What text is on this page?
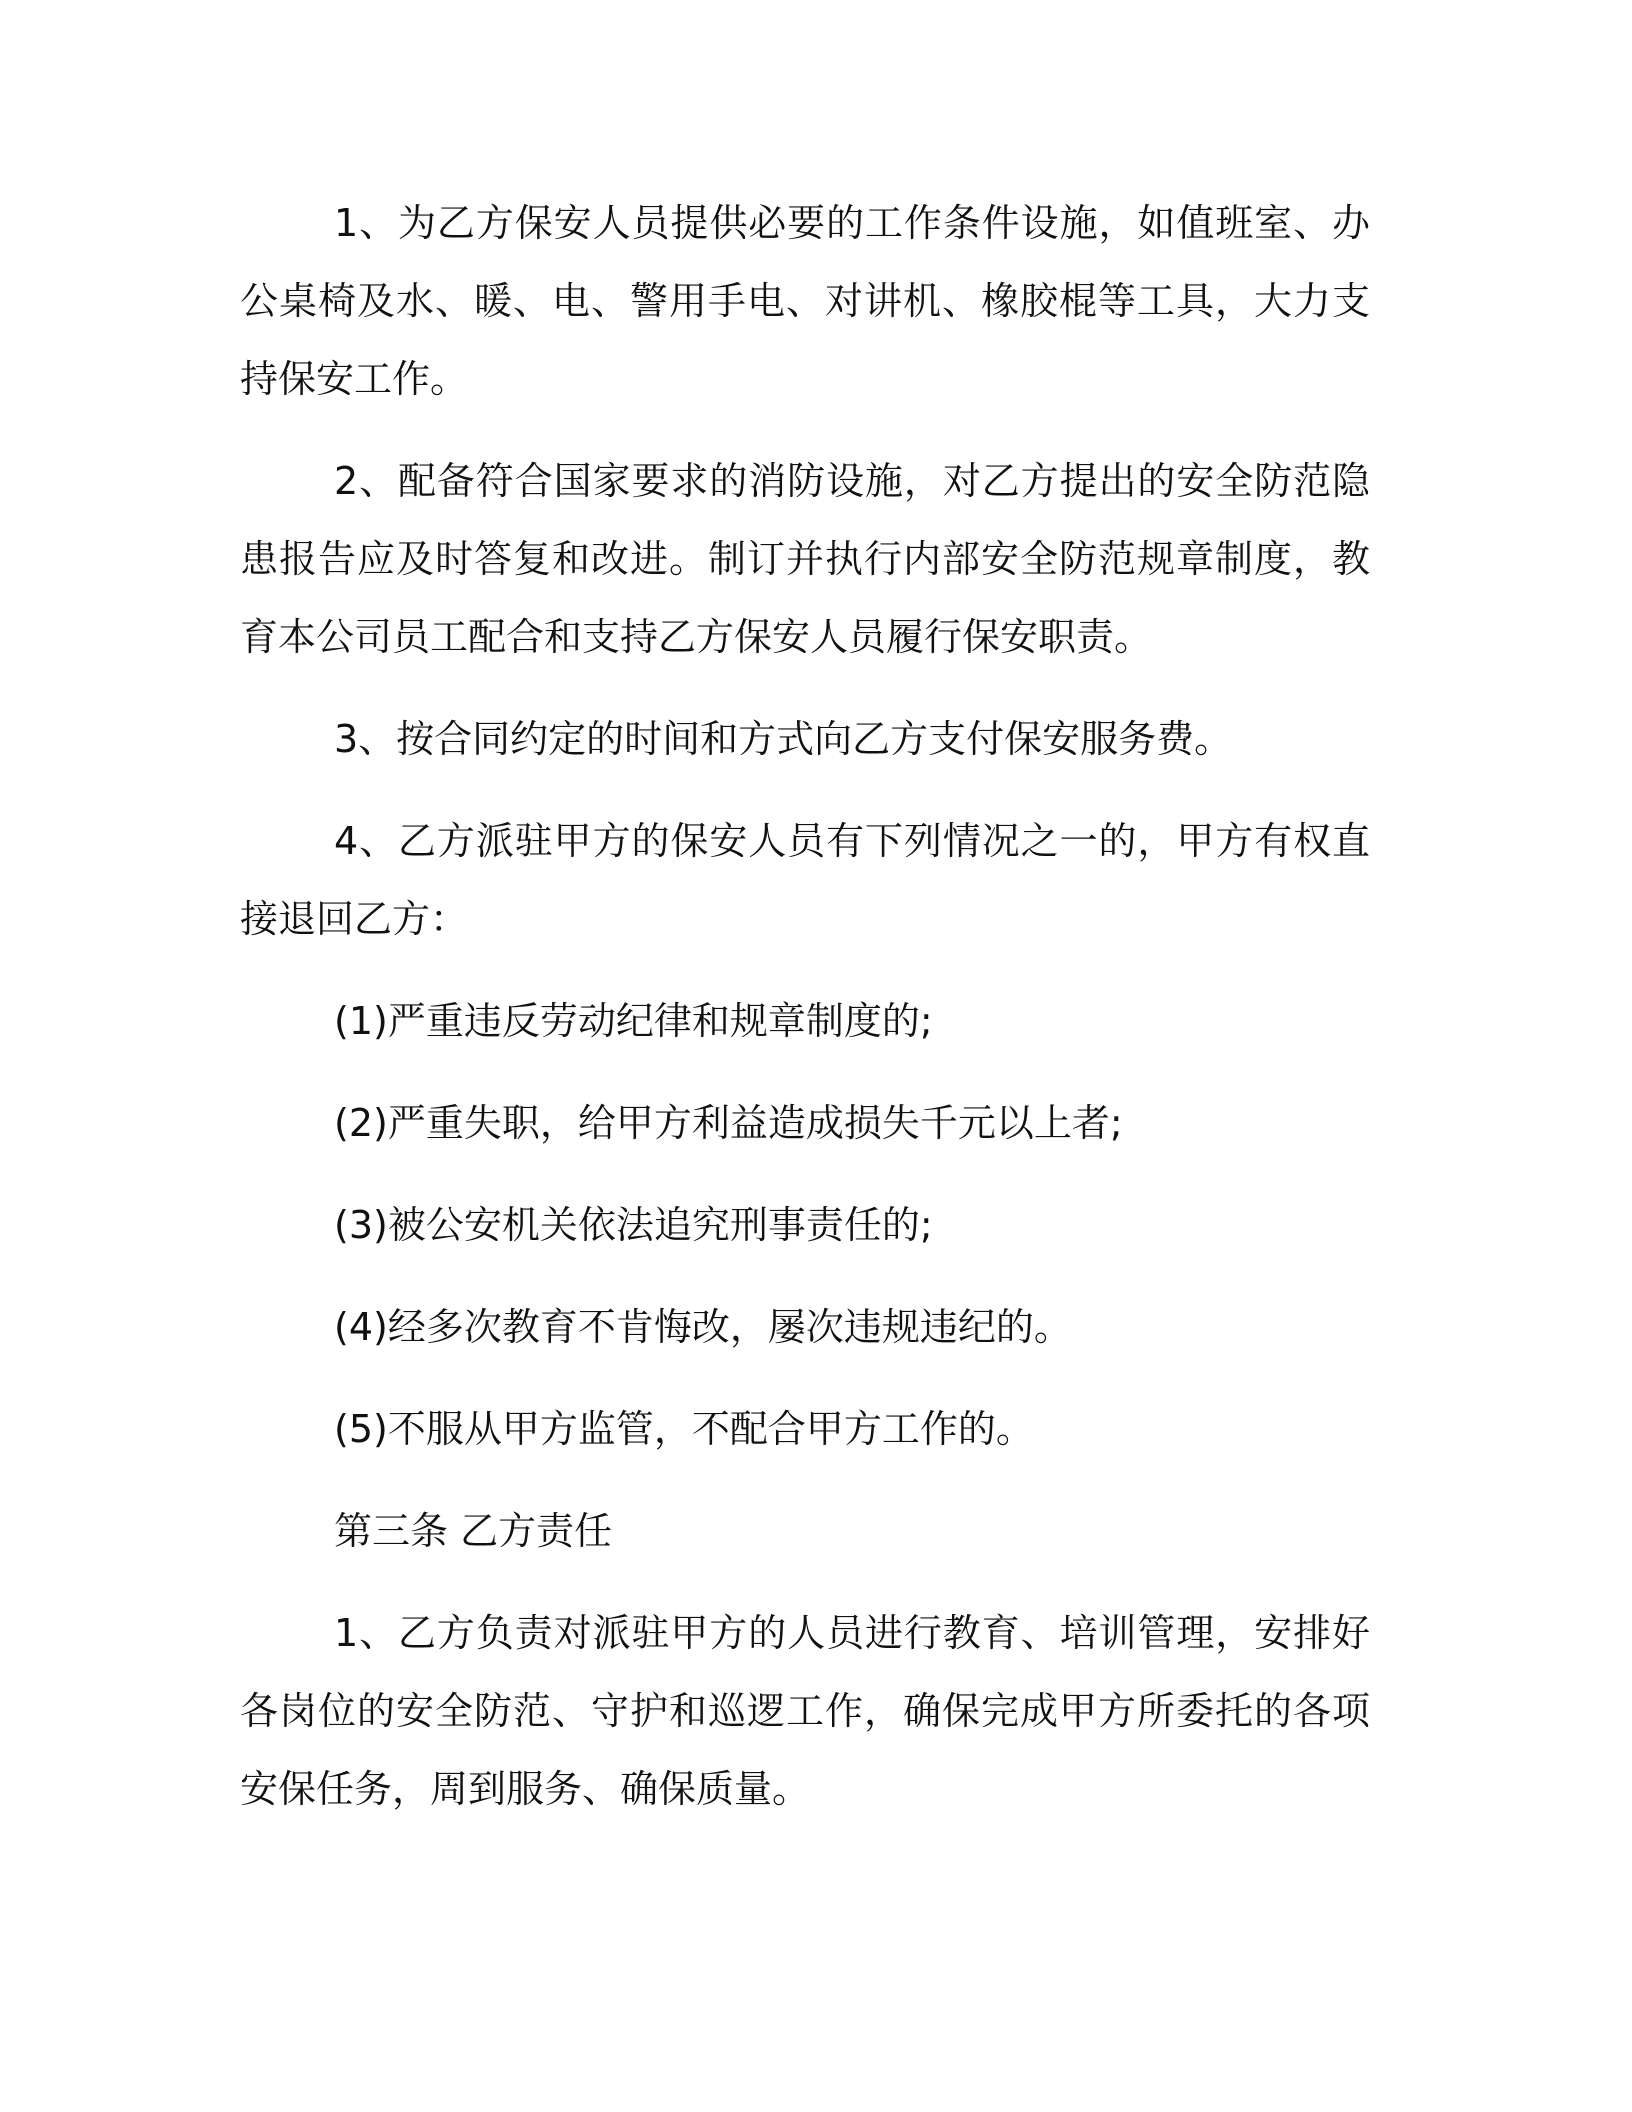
1、为乙方保安人员提供必要的工作条件设施，如值班室、办公桌椅及水、暖、电、警用手电、对讲机、橡胶棍等工具，大力支持保安工作。

2、配备符合国家要求的消防设施，对乙方提出的安全防范隐患报告应及时答复和改进。制订并执行内部安全防范规章制度，教育本公司员工配合和支持乙方保安人员履行保安职责。

3、按合同约定的时间和方式向乙方支付保安服务费。

4、乙方派驻甲方的保安人员有下列情况之一的，甲方有权直接退回乙方：

(1)严重违反劳动纪律和规章制度的;

(2)严重失职，给甲方利益造成损失千元以上者;

(3)被公安机关依法追究刑事责任的;

(4)经多次教育不肯悔改，屡次违规违纪的。

(5)不服从甲方监管，不配合甲方工作的。

第三条 乙方责任

1、乙方负责对派驻甲方的人员进行教育、培训管理，安排好各岗位的安全防范、守护和巡逻工作，确保完成甲方所委托的各项安保任务，周到服务、确保质量。
